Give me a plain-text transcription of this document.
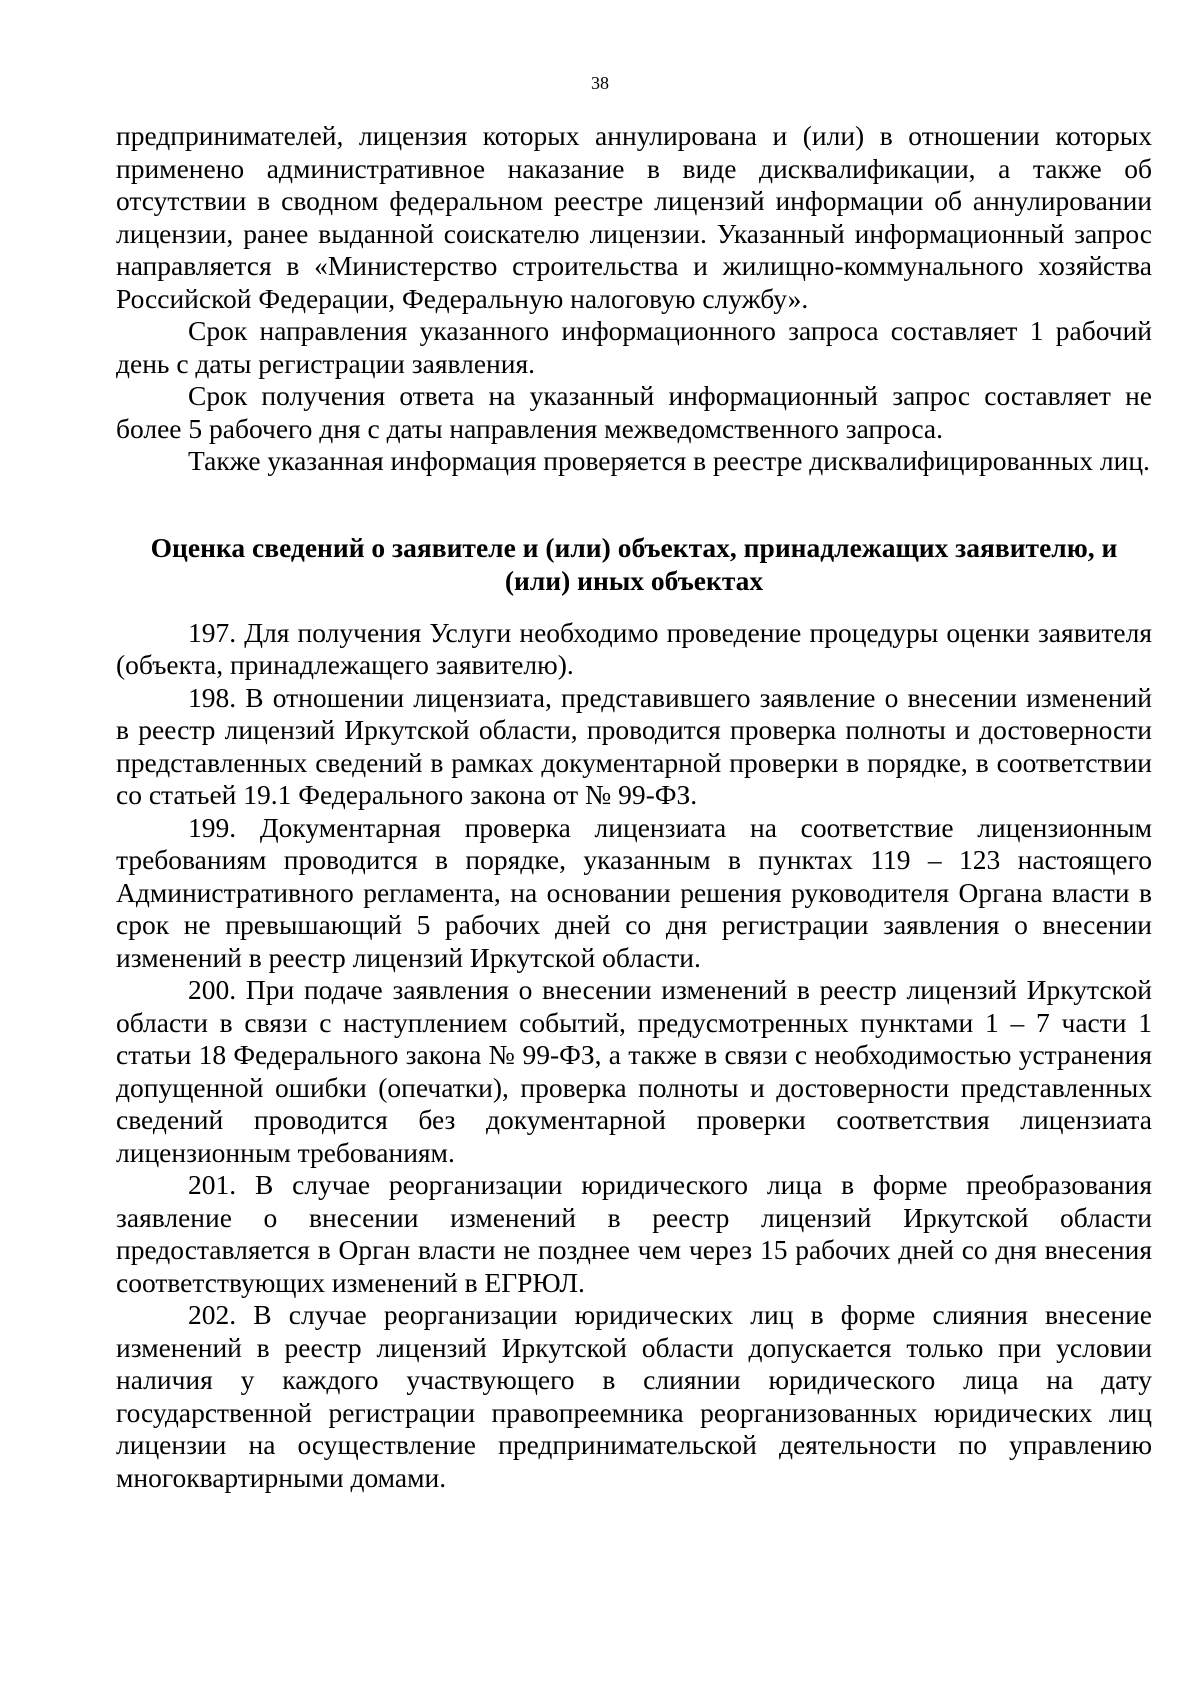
38

предпринимателей, лицензия которых аннулирована и (или) в отношении которых применено административное наказание в виде дисквалификации, а также об отсутствии в сводном федеральном реестре лицензий информации об аннулировании лицензии, ранее выданной соискателю лицензии. Указанный информационный запрос направляется в «Министерство строительства и жилищно-коммунального хозяйства Российской Федерации, Федеральную налоговую службу».

Срок направления указанного информационного запроса составляет 1 рабочий день с даты регистрации заявления.

Срок получения ответа на указанный информационный запрос составляет не более 5 рабочего дня с даты направления межведомственного запроса.

Также указанная информация проверяется в реестре дисквалифицированных лиц.

Оценка сведений о заявителе и (или) объектах, принадлежащих заявителю, и (или) иных объектах

197. Для получения Услуги необходимо проведение процедуры оценки заявителя (объекта, принадлежащего заявителю).

198. В отношении лицензиата, представившего заявление о внесении изменений в реестр лицензий Иркутской области, проводится проверка полноты и достоверности представленных сведений в рамках документарной проверки в порядке, в соответствии со статьей 19.1 Федерального закона от № 99-ФЗ.

199. Документарная проверка лицензиата на соответствие лицензионным требованиям проводится в порядке, указанным в пунктах 119 – 123 настоящего Административного регламента, на основании решения руководителя Органа власти в срок не превышающий 5 рабочих дней со дня регистрации заявления о внесении изменений в реестр лицензий Иркутской области.

200. При подаче заявления о внесении изменений в реестр лицензий Иркутской области в связи с наступлением событий, предусмотренных пунктами 1 – 7 части 1 статьи 18 Федерального закона № 99-ФЗ, а также в связи с необходимостью устранения допущенной ошибки (опечатки), проверка полноты и достоверности представленных сведений проводится без документарной проверки соответствия лицензиата лицензионным требованиям.

201. В случае реорганизации юридического лица в форме преобразования заявление о внесении изменений в реестр лицензий Иркутской области предоставляется в Орган власти не позднее чем через 15 рабочих дней со дня внесения соответствующих изменений в ЕГРЮЛ.

202. В случае реорганизации юридических лиц в форме слияния внесение изменений в реестр лицензий Иркутской области допускается только при условии наличия у каждого участвующего в слиянии юридического лица на дату государственной регистрации правопреемника реорганизованных юридических лиц лицензии на осуществление предпринимательской деятельности по управлению многоквартирными домами.
